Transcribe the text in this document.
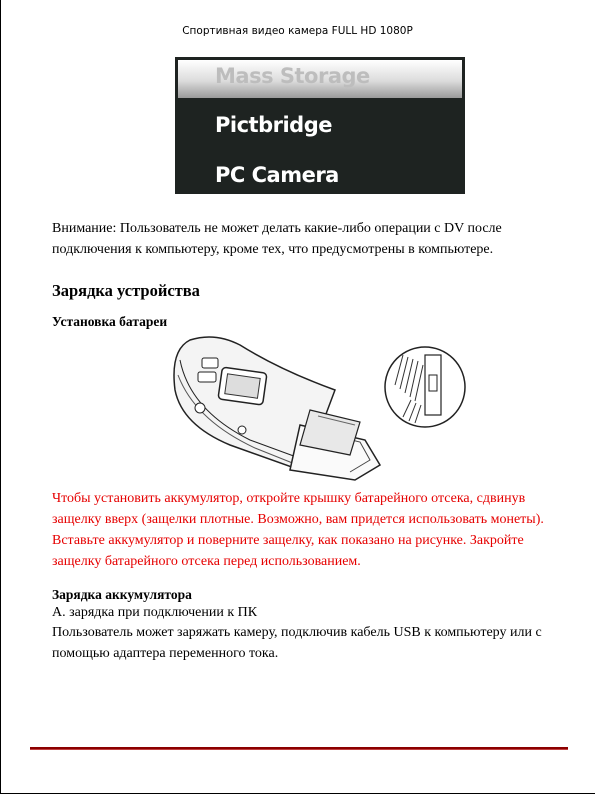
Спортивная видео камера FULL HD 1080P
Mass Storage
Pictbridge
PC Camera
Внимание: Пользователь не может делать какие-либо операции с DV после
подключения к компьютеру, кроме тех, что предусмотрены в компьютере.
Зарядка устройства
Установка батареи
Чтобы установить аккумулятор, откройте крышку батарейного отсека, сдвинув
защелку вверх (защелки плотные. Возможно, вам придется использовать монеты).
Вставьте аккумулятор и поверните защелку, как показано на рисунке. Закройте
защелку батарейного отсека перед использованием.
Зарядка аккумулятора
А. зарядка при подключении к ПК
Пользователь может заряжать камеру, подключив кабель USB к компьютеру или с
помощью адаптера переменного тока.
